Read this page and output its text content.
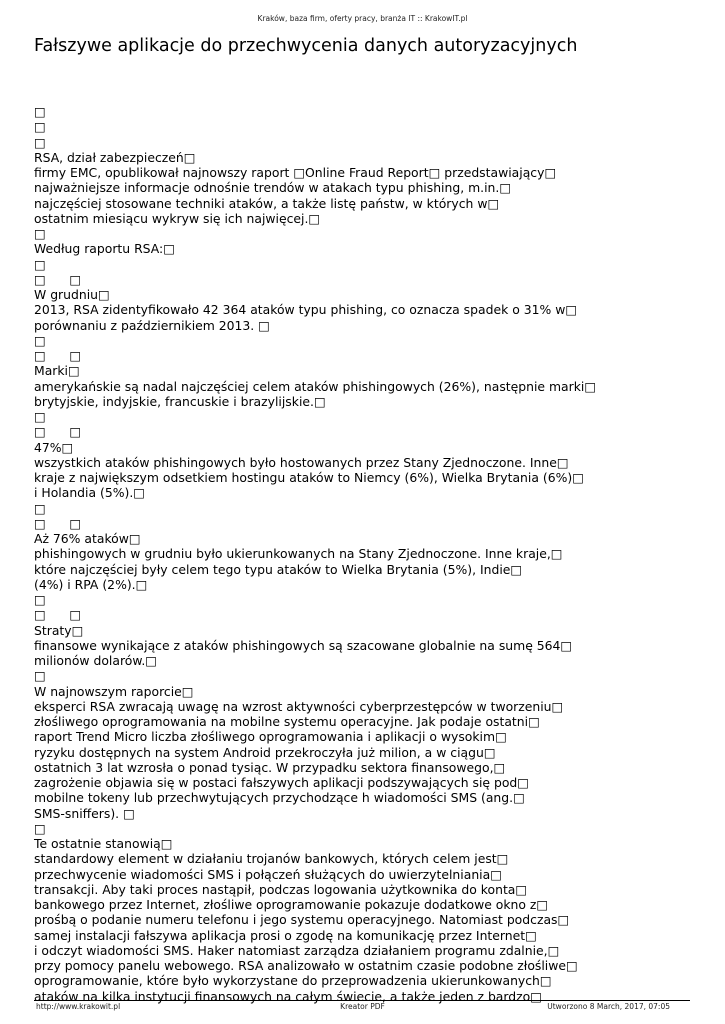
Kraków, baza firm, oferty pracy, branża IT :: KrakowIT.pl
Fałszywe aplikacje do przechwycenia danych autoryzacyjnych
□
□
□
RSA, dział zabezpieczeń□
firmy EMC, opublikował najnowszy raport □Online Fraud Report□ przedstawiający□
najważniejsze informacje odnośnie trendów w atakach typu phishing, m.in.□
najczęściej stosowane techniki ataków, a także listę państw, w których w□
ostatnim miesiącu wykryw się ich najwięcej.□
□
Według raportu RSA:□
□
□      □
W grudniu□
2013, RSA zidentyfikowało 42 364 ataków typu phishing, co oznacza spadek o 31% w□
porównaniu z październikiem 2013. □
□
□      □
Marki□
amerykańskie są nadal najczęściej celem ataków phishingowych (26%), następnie marki□
brytyjskie, indyjskie, francuskie i brazylijskie.□
□
□      □
47%□
wszystkich ataków phishingowych było hostowanych przez Stany Zjednoczone. Inne□
kraje z największym odsetkiem hostingu ataków to Niemcy (6%), Wielka Brytania (6%)□
i Holandia (5%).□
□
□      □
Aż 76% ataków□
phishingowych w grudniu było ukierunkowanych na Stany Zjednoczone. Inne kraje,□
które najczęściej były celem tego typu ataków to Wielka Brytania (5%), Indie□
(4%) i RPA (2%).□
□
□      □
Straty□
finansowe wynikające z ataków phishingowych są szacowane globalnie na sumę 564□
milionów dolarów.□
□
W najnowszym raporcie□
eksperci RSA zwracają uwagę na wzrost aktywności cyberprzestępców w tworzeniu□
złośliwego oprogramowania na mobilne systemu operacyjne. Jak podaje ostatni□
raport Trend Micro liczba złośliwego oprogramowania i aplikacji o wysokim□
ryzyku dostępnych na system Android przekroczyła już milion, a w ciągu□
ostatnich 3 lat wzrosła o ponad tysiąc. W przypadku sektora finansowego,□
zagrożenie objawia się w postaci fałszywych aplikacji podszywających się pod□
mobilne tokeny lub przechwytujących przychodzące h wiadomości SMS (ang.□
SMS-sniffers). □
□
Te ostatnie stanowią□
standardowy element w działaniu trojanów bankowych, których celem jest□
przechwycenie wiadomości SMS i połączeń służących do uwierzytelniania□
transakcji. Aby taki proces nastąpił, podczas logowania użytkownika do konta□
bankowego przez Internet, złośliwe oprogramowanie pokazuje dodatkowe okno z□
prośbą o podanie numeru telefonu i jego systemu operacyjnego. Natomiast podczas□
samej instalacji fałszywa aplikacja prosi o zgodę na komunikację przez Internet□
i odczyt wiadomości SMS. Haker natomiast zarządza działaniem programu zdalnie,□
przy pomocy panelu webowego. RSA analizowało w ostatnim czasie podobne złośliwe□
oprogramowanie, które było wykorzystane do przeprowadzenia ukierunkowanych□
ataków na kilka instytucji finansowych na całym świecie, a także jeden z bardzo□
http://www.krakowit.pl	Kreator PDF	Utworzono 8 March, 2017, 07:05
